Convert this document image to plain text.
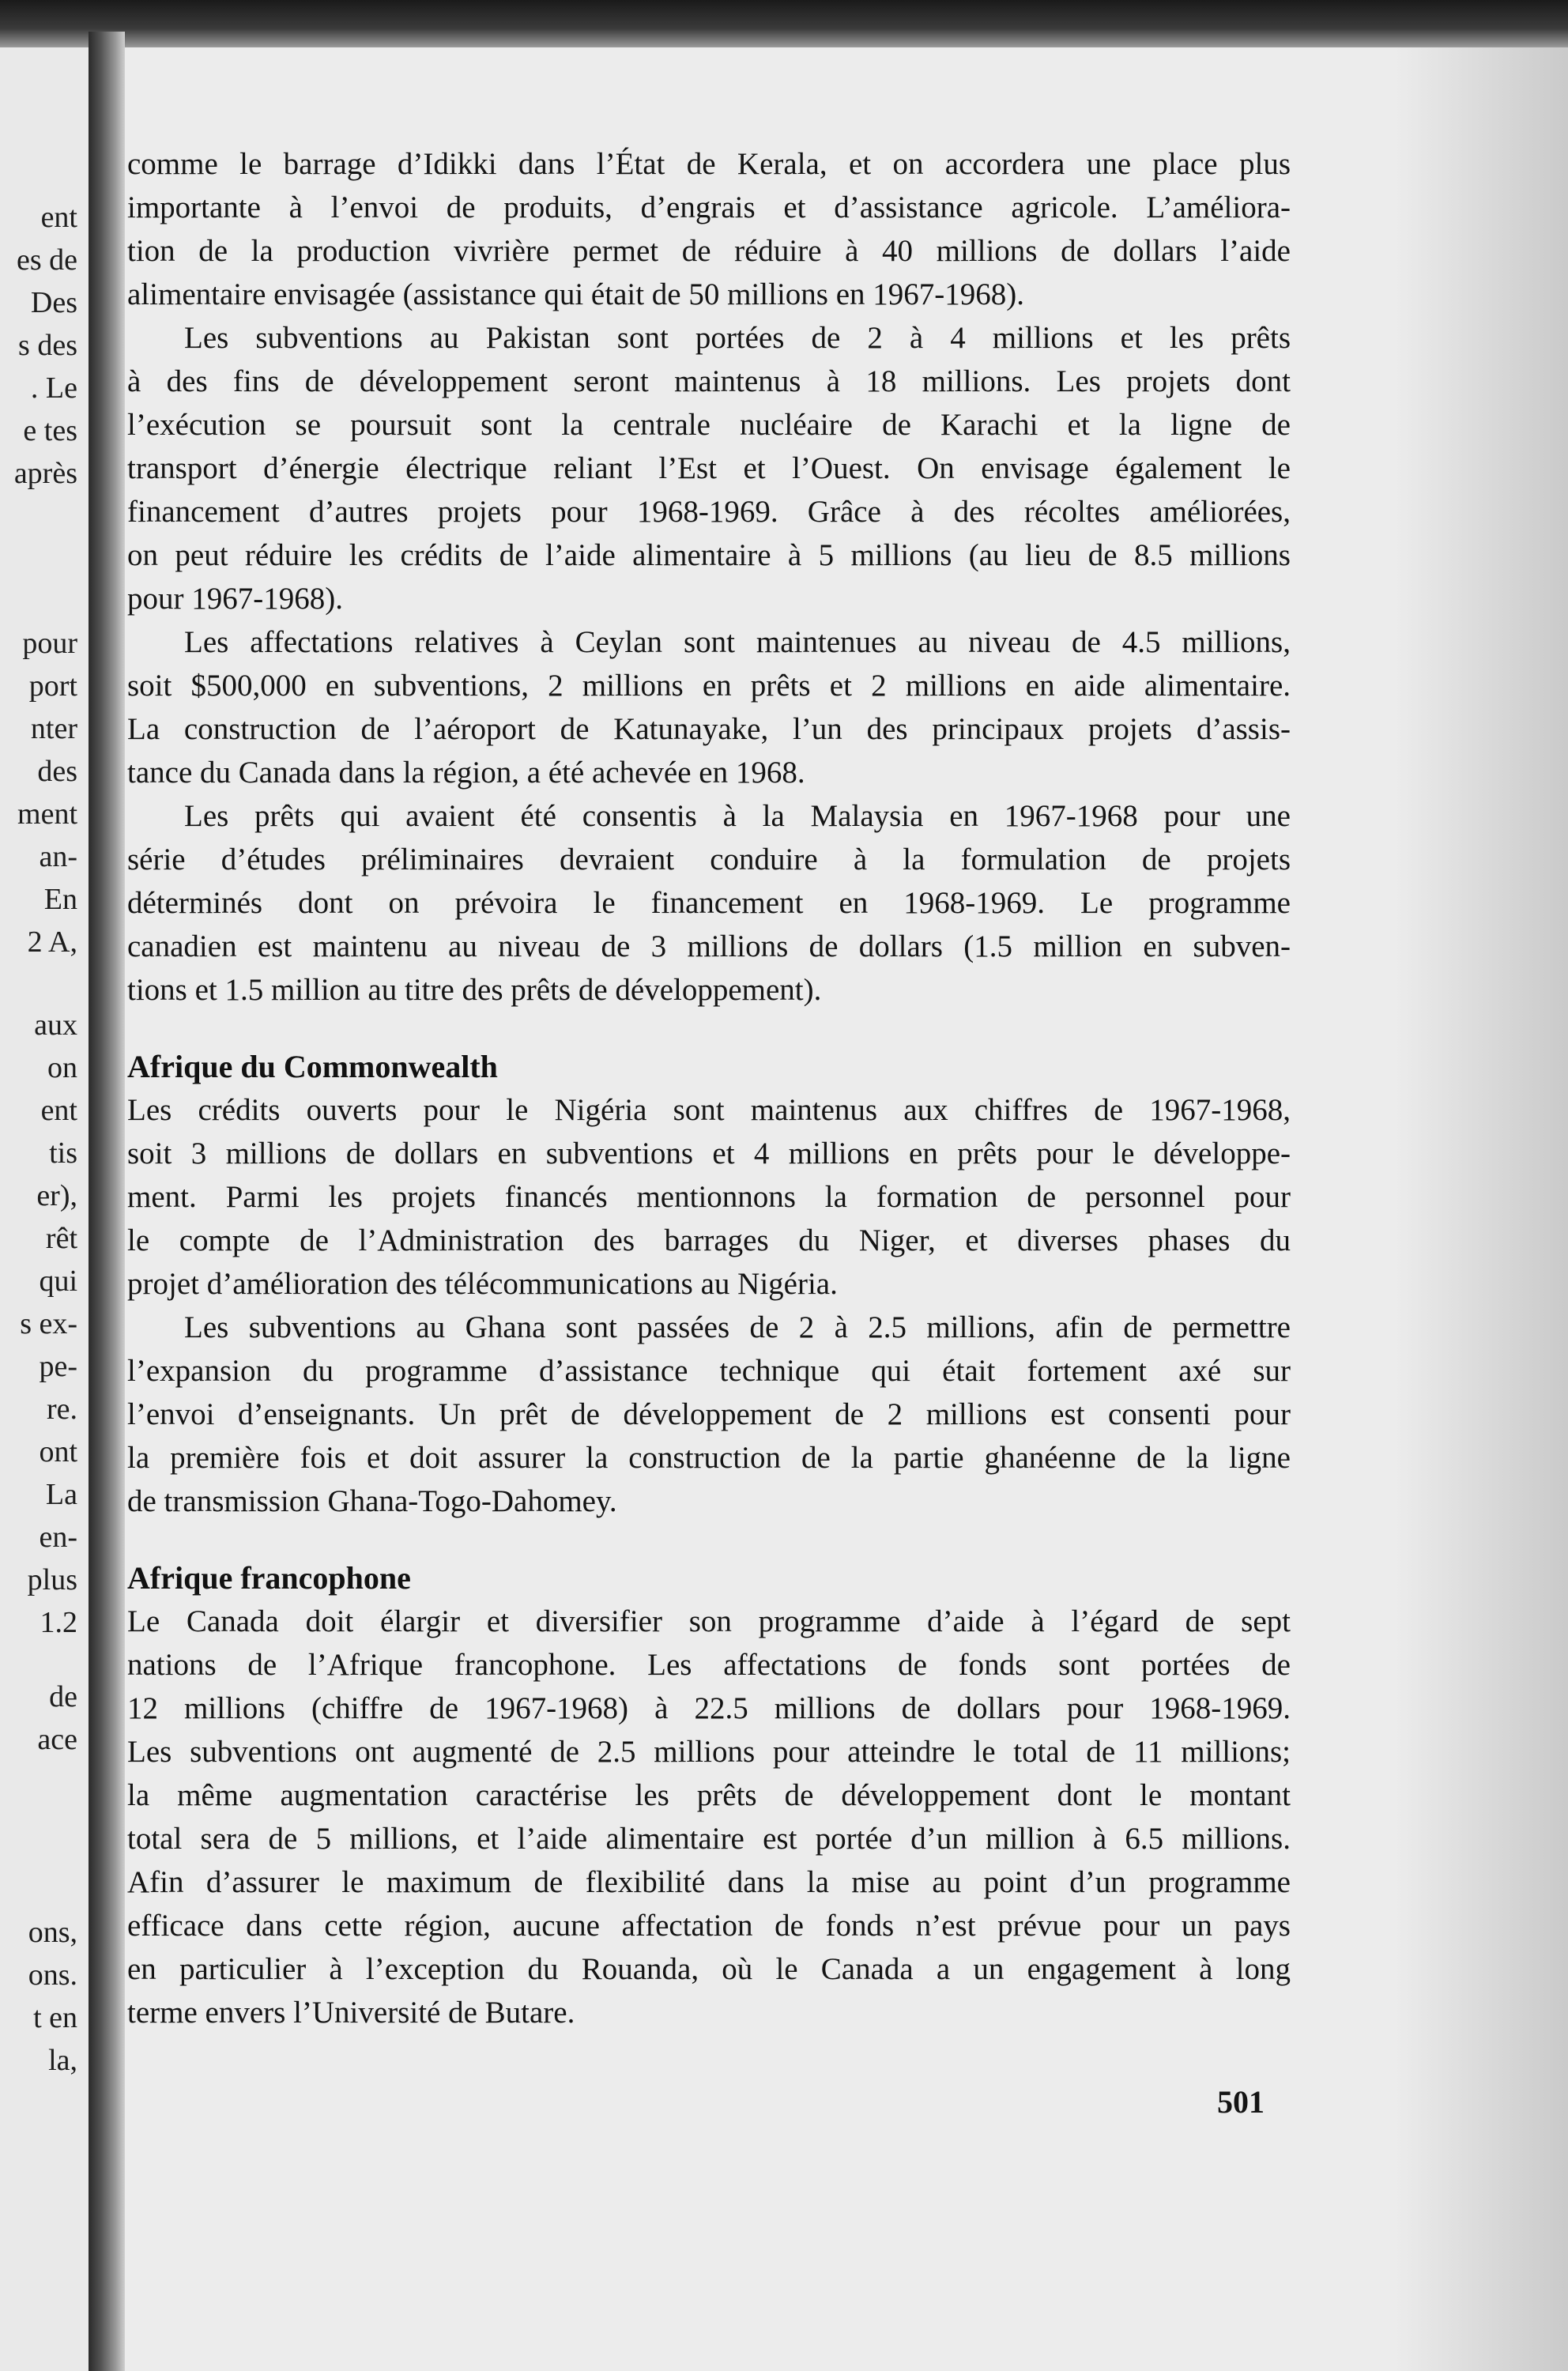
ent
es de
Des
s des
. Le
e tes
après
pour
port
nter
des
ment
an-
En
2 A,
aux
on
ent
tis
er),
rêt
qui
s ex-
pe-
re.
ont
La
en-
plus
1.2
de
ace
ons,
ons.
t en
la,
comme le barrage d’Idikki dans l’État de Kerala, et on accordera une place plus
importante à l’envoi de produits, d’engrais et d’assistance agricole. L’améliora-
tion de la production vivrière permet de réduire à 40 millions de dollars l’aide
alimentaire envisagée (assistance qui était de 50 millions en 1967-1968).
Les subventions au Pakistan sont portées de 2 à 4 millions et les prêts
à des fins de développement seront maintenus à 18 millions. Les projets dont
l’exécution se poursuit sont la centrale nucléaire de Karachi et la ligne de
transport d’énergie électrique reliant l’Est et l’Ouest. On envisage également le
financement d’autres projets pour 1968-1969. Grâce à des récoltes améliorées,
on peut réduire les crédits de l’aide alimentaire à 5 millions (au lieu de 8.5 millions
pour 1967-1968).
Les affectations relatives à Ceylan sont maintenues au niveau de 4.5 millions,
soit $500,000 en subventions, 2 millions en prêts et 2 millions en aide alimentaire.
La construction de l’aéroport de Katunayake, l’un des principaux projets d’assis-
tance du Canada dans la région, a été achevée en 1968.
Les prêts qui avaient été consentis à la Malaysia en 1967-1968 pour une
série d’études préliminaires devraient conduire à la formulation de projets
déterminés dont on prévoira le financement en 1968-1969. Le programme
canadien est maintenu au niveau de 3 millions de dollars (1.5 million en subven-
tions et 1.5 million au titre des prêts de développement).
Afrique du Commonwealth
Les crédits ouverts pour le Nigéria sont maintenus aux chiffres de 1967-1968,
soit 3 millions de dollars en subventions et 4 millions en prêts pour le développe-
ment. Parmi les projets financés mentionnons la formation de personnel pour
le compte de l’Administration des barrages du Niger, et diverses phases du
projet d’amélioration des télécommunications au Nigéria.
Les subventions au Ghana sont passées de 2 à 2.5 millions, afin de permettre
l’expansion du programme d’assistance technique qui était fortement axé sur
l’envoi d’enseignants. Un prêt de développement de 2 millions est consenti pour
la première fois et doit assurer la construction de la partie ghanéenne de la ligne
de transmission Ghana-Togo-Dahomey.
Afrique francophone
Le Canada doit élargir et diversifier son programme d’aide à l’égard de sept
nations de l’Afrique francophone. Les affectations de fonds sont portées de
12 millions (chiffre de 1967-1968) à 22.5 millions de dollars pour 1968-1969.
Les subventions ont augmenté de 2.5 millions pour atteindre le total de 11 millions;
la même augmentation caractérise les prêts de développement dont le montant
total sera de 5 millions, et l’aide alimentaire est portée d’un million à 6.5 millions.
Afin d’assurer le maximum de flexibilité dans la mise au point d’un programme
efficace dans cette région, aucune affectation de fonds n’est prévue pour un pays
en particulier à l’exception du Rouanda, où le Canada a un engagement à long
terme envers l’Université de Butare.
501
